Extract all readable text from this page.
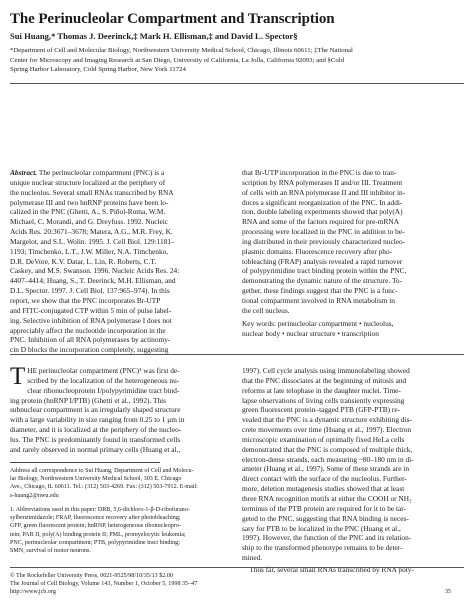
The Perinucleolar Compartment and Transcription
Sui Huang,* Thomas J. Deerinck,‡ Mark H. Ellisman,‡ and David L. Spector§
*Department of Cell and Molecular Biology, Northwestern University Medical School, Chicago, Illinois 60611; ‡The National
Center for Microscopy and Imaging Research at San Diego, University of California, La Jolla, California 92093; and §Cold
Spring Harbor Laboratory, Cold Spring Harbor, New York 11724
Abstract. The perinucleolar compartment (PNC) is a
unique nuclear structure localized at the periphery of
the nucleolus. Several small RNAs transcribed by RNA
polymerase III and two hnRNP proteins have been lo-
calized in the PNC (Ghetti, A., S. Piñol-Roma, W.M.
Michael, C. Morandi, and G. Dreyfuss. 1992. Nucleic
Acids Res. 20:3671–3678; Matera, A.G., M.R. Frey, K.
Margelot, and S.L. Wolin. 1995. J. Cell Biol. 129:1181–
1193; Timchenko, L.T., J.W. Miller, N.A. Timchenko,
D.R. DeVore, K.V. Datar, L. Lin, R. Roberts, C.T.
Caskey, and M.S. Swanson. 1996. Nucleic Acids Res. 24:
4407–4414; Huang, S., T. Deerinck, M.H. Ellisman, and
D.L. Spector. 1997. J. Cell Biol. 137:965–974). In this
report, we show that the PNC incorporates Br-UTP
and FITC-conjugated CTP within 5 min of pulse label-
ing. Selective inhibition of RNA polymerase I does not
appreciably affect the nucleotide incorporation in the
PNC. Inhibition of all RNA polymerases by actinomy-
cin D blocks the incorporation completely, suggesting
that Br-UTP incorporation in the PNC is due to tran-
scription by RNA polymerases II and/or III. Treatment
of cells with an RNA polymerase II and III inhibitor in-
duces a significant reorganization of the PNC. In addi-
tion, double labeling experiments showed that poly(A)
RNA and some of the factors required for pre-mRNA
processing were localized in the PNC in addition to be-
ing distributed in their previously characterized nucleo-
plasmic domains. Fluorescence recovery after pho-
tobleaching (FRAP) analysis revealed a rapid turnover
of polypyrimidine tract binding protein within the PNC,
demonstrating the dynamic nature of the structure. To-
gether, these findings suggest that the PNC is a func-
tional compartment involved in RNA metabolism in
the cell nucleus.
Key words: perinucleolar compartment • nucleolus,
nuclear body • nuclear structure • transcription
T HE perinucleolar compartment (PNC)¹ was first de-
scribed by the localization of the heterogeneous nu-
clear ribonucleoprotein I/polypyrimidine tract bind-
ing protein (hnRNP I/PTB) (Ghetti et al., 1992). This
subnuclear compartment is an irregularly shaped structure
with a large variability in size ranging from 0.25 to 1 μm in
diameter, and it is localized at the periphery of the nucleo-
lus. The PNC is predominantly found in transformed cells
and rarely observed in normal primary cells (Huang et al.,
1997). Cell cycle analysis using immunolabeling showed
that the PNC dissociates at the beginning of mitosis and
reforms at late telophase in the daughter nuclei. Time-
lapse observations of living cells transiently expressing
green fluorescent protein–tagged PTB (GFP-PTB) re-
vealed that the PNC is a dynamic structure exhibiting dis-
crete movements over time (Huang et al., 1997). Electron
microscopic examination of optimally fixed HeLa cells
demonstrated that the PNC is composed of multiple thick,
electron-dense strands, each measuring ~80–180 nm in di-
ameter (Huang et al., 1997). Some of these strands are in
direct contact with the surface of the nucleolus. Further-
more, deletion mutagenesis studies showed that at least
three RNA recognition motifs at either the COOH or NH₂
terminus of the PTB protein are required for it to be tar-
geted to the PNC, suggesting that RNA binding is neces-
sary for PTB to be localized in the PNC (Huang et al.,
1997). However, the function of the PNC and its relation-
ship to the transformed phenotype remains to be deter-
mined.
Thus far, several small RNAs transcribed by RNA poly-
Address all correspondence to Sui Huang, Department of Cell and Molecu-
lar Biology, Northwestern University Medical School, 303 E. Chicago
Ave., Chicago, IL 60611. Tel.: (312) 503-4269. Fax: (312) 503-7912. E-mail:
s-huang2@nwu.edu
1. Abbreviations used in this paper: DRB, 5,6-dichloro-1-β-D-ribofurano-
sylbenzimidazole; FRAP, fluorescence recovery after photobleaching;
GFP, green fluorescent protein; hnRNP, heterogeneous ribonucleopro-
tein; PAB II, poly(A) binding protein II; PML, promyelocytic leukemia;
PNC, perinucleolar compartment; PTB, polypyrimidine tract binding;
SMN, survival of motor neurons.
© The Rockefeller University Press, 0021-9525/98/10/35/13 $2.00
The Journal of Cell Biology, Volume 143, Number 1, October 5, 1998 35–47
http://www.jcb.org	35
